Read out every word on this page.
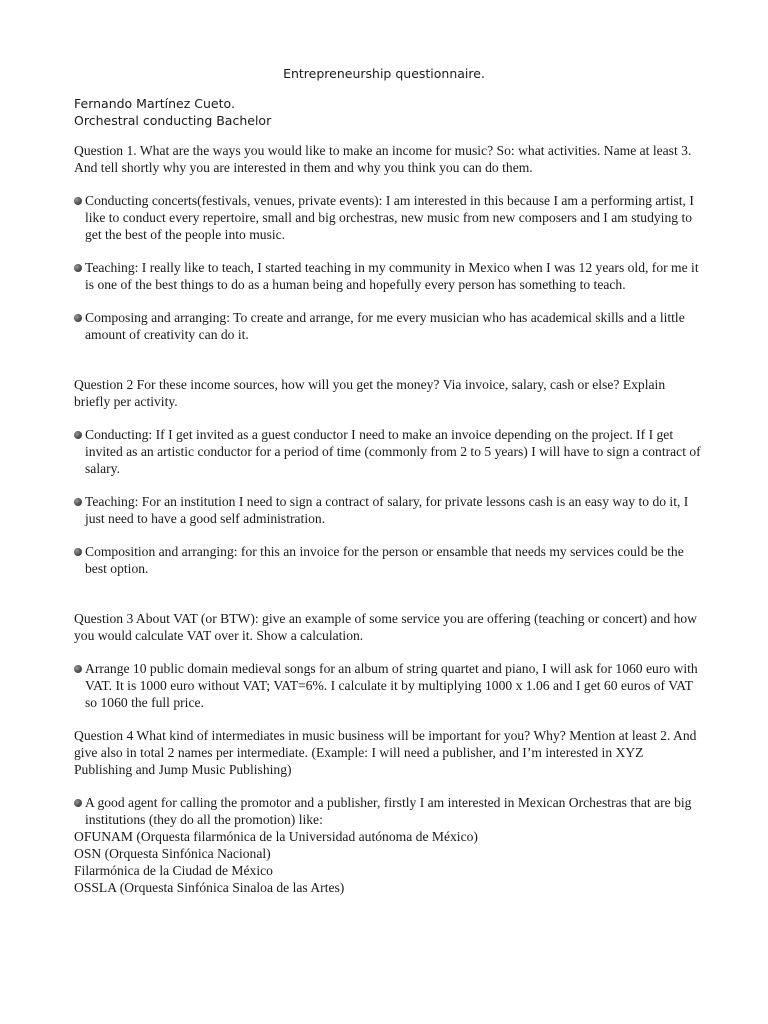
Entrepreneurship questionnaire.
Fernando Martínez Cueto.
Orchestral conducting Bachelor

Question 1. What are the ways you would like to make an income for music? So: what activities. Name at least 3. And tell shortly why you are interested in them and why you think you can do them.

Conducting concerts(festivals, venues, private events): I am interested in this because I am a performing artist, I like to conduct every repertoire, small and big orchestras, new music from new composers and I am studying to get the best of the people into music.

Teaching: I really like to teach, I started teaching in my community in Mexico when I was 12 years old, for me it is one of the best things to do as a human being and hopefully every person has something to teach.

Composing and arranging: To create and arrange, for me every musician who has academical skills and a little amount of creativity can do it.

Question 2 For these income sources, how will you get the money? Via invoice, salary, cash or else? Explain briefly per activity.

Conducting: If I get invited as a guest conductor I need to make an invoice depending on the project. If I get invited as an artistic conductor for a period of time (commonly from 2 to 5 years) I will have to sign a contract of salary.

Teaching: For an institution I need to sign a contract of salary, for private lessons cash is an easy way to do it, I just need to have a good self administration.

Composition and arranging: for this an invoice for the person or ensamble that needs my services could be the best option.

Question 3 About VAT (or BTW): give an example of some service you are offering (teaching or concert) and how you would calculate VAT over it. Show a calculation.

Arrange 10 public domain medieval songs for an album of string quartet and piano, I will ask for 1060 euro with VAT. It is 1000 euro without VAT; VAT=6%. I calculate it by multiplying 1000 x 1.06 and I get 60 euros of VAT so 1060 the full price.

Question 4 What kind of intermediates in music business will be important for you? Why? Mention at least 2. And give also in total 2 names per intermediate. (Example: I will need a publisher, and I’m interested in XYZ Publishing and Jump Music Publishing)

A good agent for calling the promotor and a publisher, firstly I am interested in Mexican Orchestras that are big institutions (they do all the promotion) like:

OFUNAM (Orquesta filarmónica de la Universidad autónoma de México)

OSN (Orquesta Sinfónica Nacional)

Filarmónica de la Ciudad de México

OSSLA (Orquesta Sinfónica Sinaloa de las Artes)
